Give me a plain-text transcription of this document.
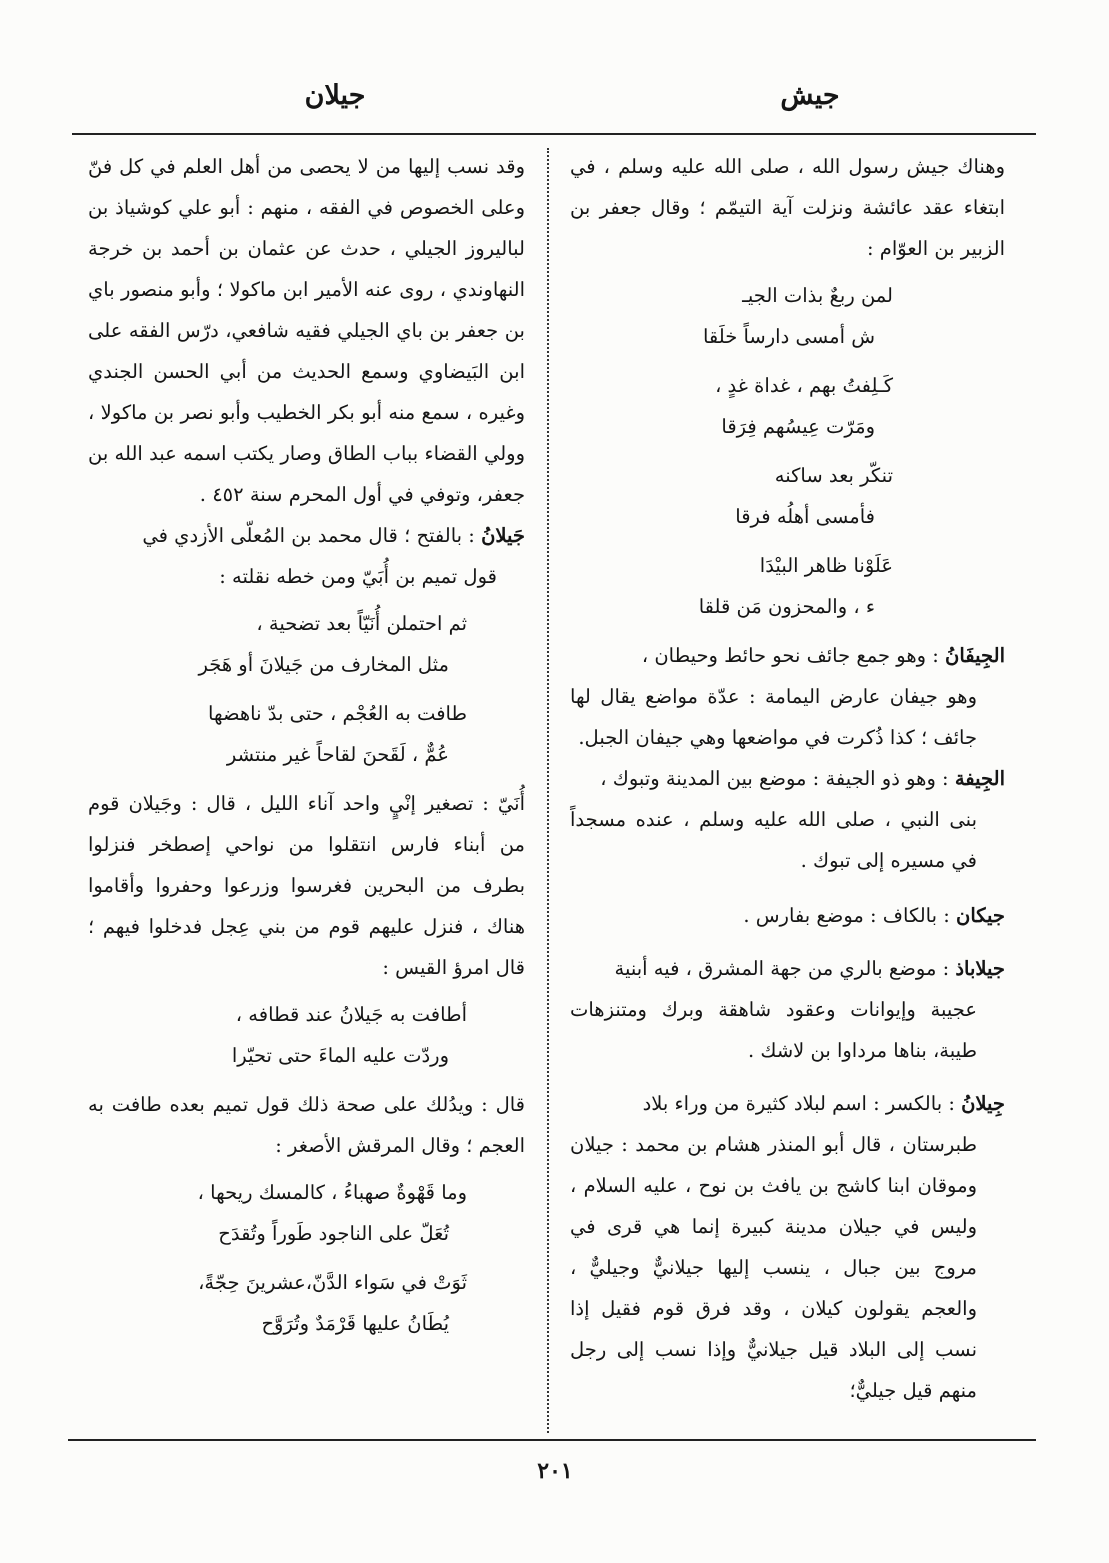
جيلان	جيش

وهناك جيش رسول الله ، صلى الله عليه وسلم ، في ابتغاء عقد عائشة ونزلت آية التيمّم ؛ وقال جعفر بن الزبير بن العوّام :

لمن ربعٌ بذات الجيـ
ش أمسى دارساً خلَقا
كَـلِفتُ بهم ، غداة غدٍ ،
ومَرّت عِيسُهم فِرَقا
تنكّر بعد ساكنه
فأمسى أهلُه فرقا
عَلَوْنا ظاهر البيْدَا
ء ، والمحزون مَن قلقا

الجِيفَانُ : وهو جمع جائف نحو حائط وحيطان ،

وهو جيفان عارض اليمامة : عدّة مواضع يقال لها جائف ؛ كذا ذُكرت في مواضعها وهي جيفان الجبل.

الجِيفة : وهو ذو الجيفة : موضع بين المدينة وتبوك ،

بنى النبي ، صلى الله عليه وسلم ، عنده مسجداً في مسيره إلى تبوك .

جيكان : بالكاف : موضع بفارس .

جيلاباذ : موضع بالري من جهة المشرق ، فيه أبنية

عجيبة وإيوانات وعقود شاهقة وبرك ومتنزهات طيبة، بناها مرداوا بن لاشك .

جِيلانُ : بالكسر : اسم لبلاد كثيرة من وراء بلاد

طبرستان ، قال أبو المنذر هشام بن محمد : جيلان وموقان ابنا كاشج بن يافث بن نوح ، عليه السلام ، وليس في جيلان مدينة كبيرة إنما هي قرى في مروج بين جبال ، ينسب إليها جيلانيٌّ وجيليٌّ ، والعجم يقولون كيلان ، وقد فرق قوم فقيل إذا نسب إلى البلاد قيل جيلانيٌّ وإذا نسب إلى رجل منهم قيل جيليٌّ؛

وقد نسب إليها من لا يحصى من أهل العلم في كل فنّ وعلى الخصوص في الفقه ، منهم : أبو علي كوشياذ بن لباليروز الجيلي ، حدث عن عثمان بن أحمد بن خرجة النهاوندي ، روى عنه الأمير ابن ماكولا ؛ وأبو منصور باي بن جعفر بن باي الجيلي فقيه شافعي، درّس الفقه على ابن البَيضاوي وسمع الحديث من أبي الحسن الجندي وغيره ، سمع منه أبو بكر الخطيب وأبو نصر بن ماكولا ، وولي القضاء بباب الطاق وصار يكتب اسمه عبد الله بن جعفر، وتوفي في أول المحرم سنة ٤٥٢ .

جَيلانُ : بالفتح ؛ قال محمد بن المُعلّى الأزدي في

قول تميم بن أُبَيّ ومن خطه نقلته :

ثم احتملن أُنَيّاً بعد تضحية ،
مثل المخارف من جَيلانَ أو هَجَر
طافت به العُجْم ، حتى بدّ ناهضها
عُمٌّ ، لَقَحنَ لقاحاً غير منتشر

أُنَيّ : تصغير إنْيٍ واحد آناء الليل ، قال : وجَيلان قوم من أبناء فارس انتقلوا من نواحي إصطخر فنزلوا بطرف من البحرين فغرسوا وزرعوا وحفروا وأقاموا هناك ، فنزل عليهم قوم من بني عِجل فدخلوا فيهم ؛ قال امرؤ القيس :

أطافت به جَيلانُ عند قطافه ،
وردّت عليه الماءَ حتى تحيّرا

قال : ويدُلك على صحة ذلك قول تميم بعده طافت به العجم ؛ وقال المرقش الأصغر :

وما قَهْوةٌ صهباءُ ، كالمسك ريحها ،
تُعَلّ على الناجود طَوراً وتُقدَح
ثَوَتْ في سَواء الدَّنّ،عشرينَ حِجّةً،
يُطَانُ عليها قَرْمَدٌ وتُرَوَّح
٢٠١
